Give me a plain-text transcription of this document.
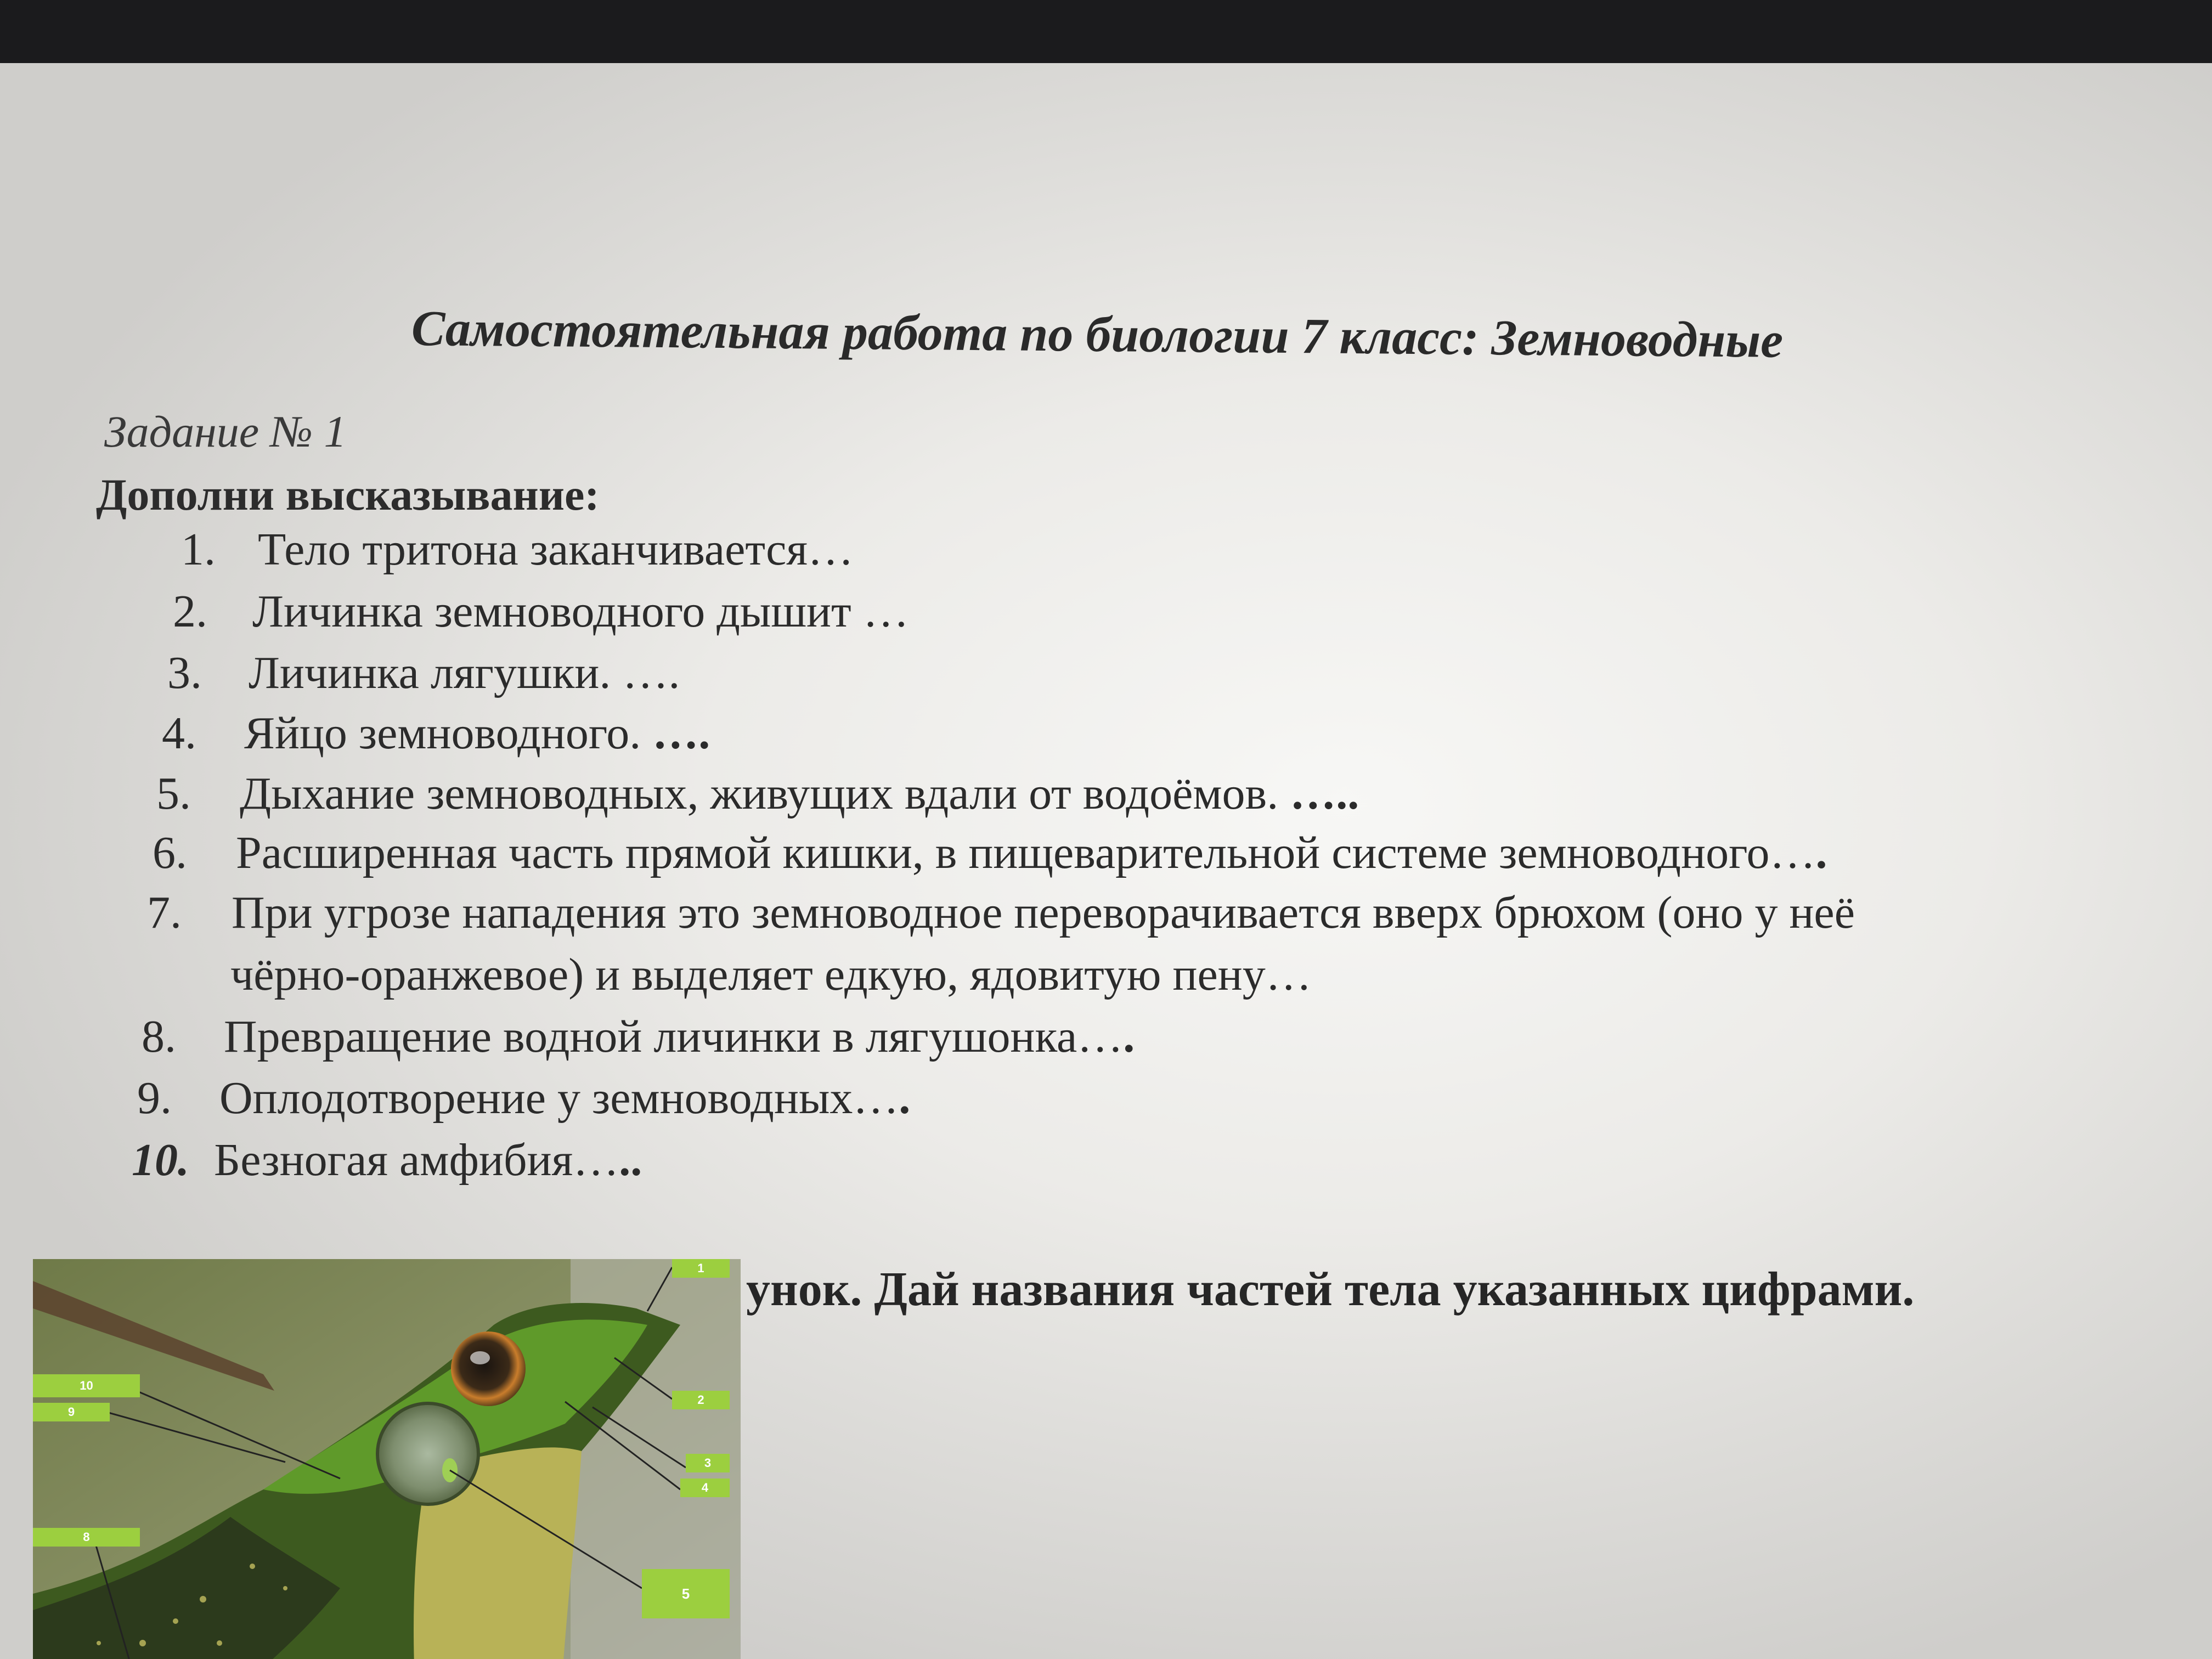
Самостоятельная работа по биологии 7 класс: Земноводные
Задание № 1
Дополни высказывание:
1. Тело тритона заканчивается…
2. Личинка земноводного дышит …
3. Личинка лягушки. ….
4. Яйцо земноводного. ….
5. Дыхание земноводных, живущих вдали от водоёмов. …..
6. Расширенная часть прямой кишки, в пищеварительной системе земноводного….
7. При угрозе нападения это земноводное переворачивается вверх брюхом (оно у неё
чёрно-оранжевое) и выделяет едкую, ядовитую пену…
8. Превращение водной личинки в лягушонка….
9. Оплодотворение у земноводных….
10. Безногая амфибия…..
унок. Дай названия частей тела указанных цифрами.
1
2
3
4
5
8
9
10
